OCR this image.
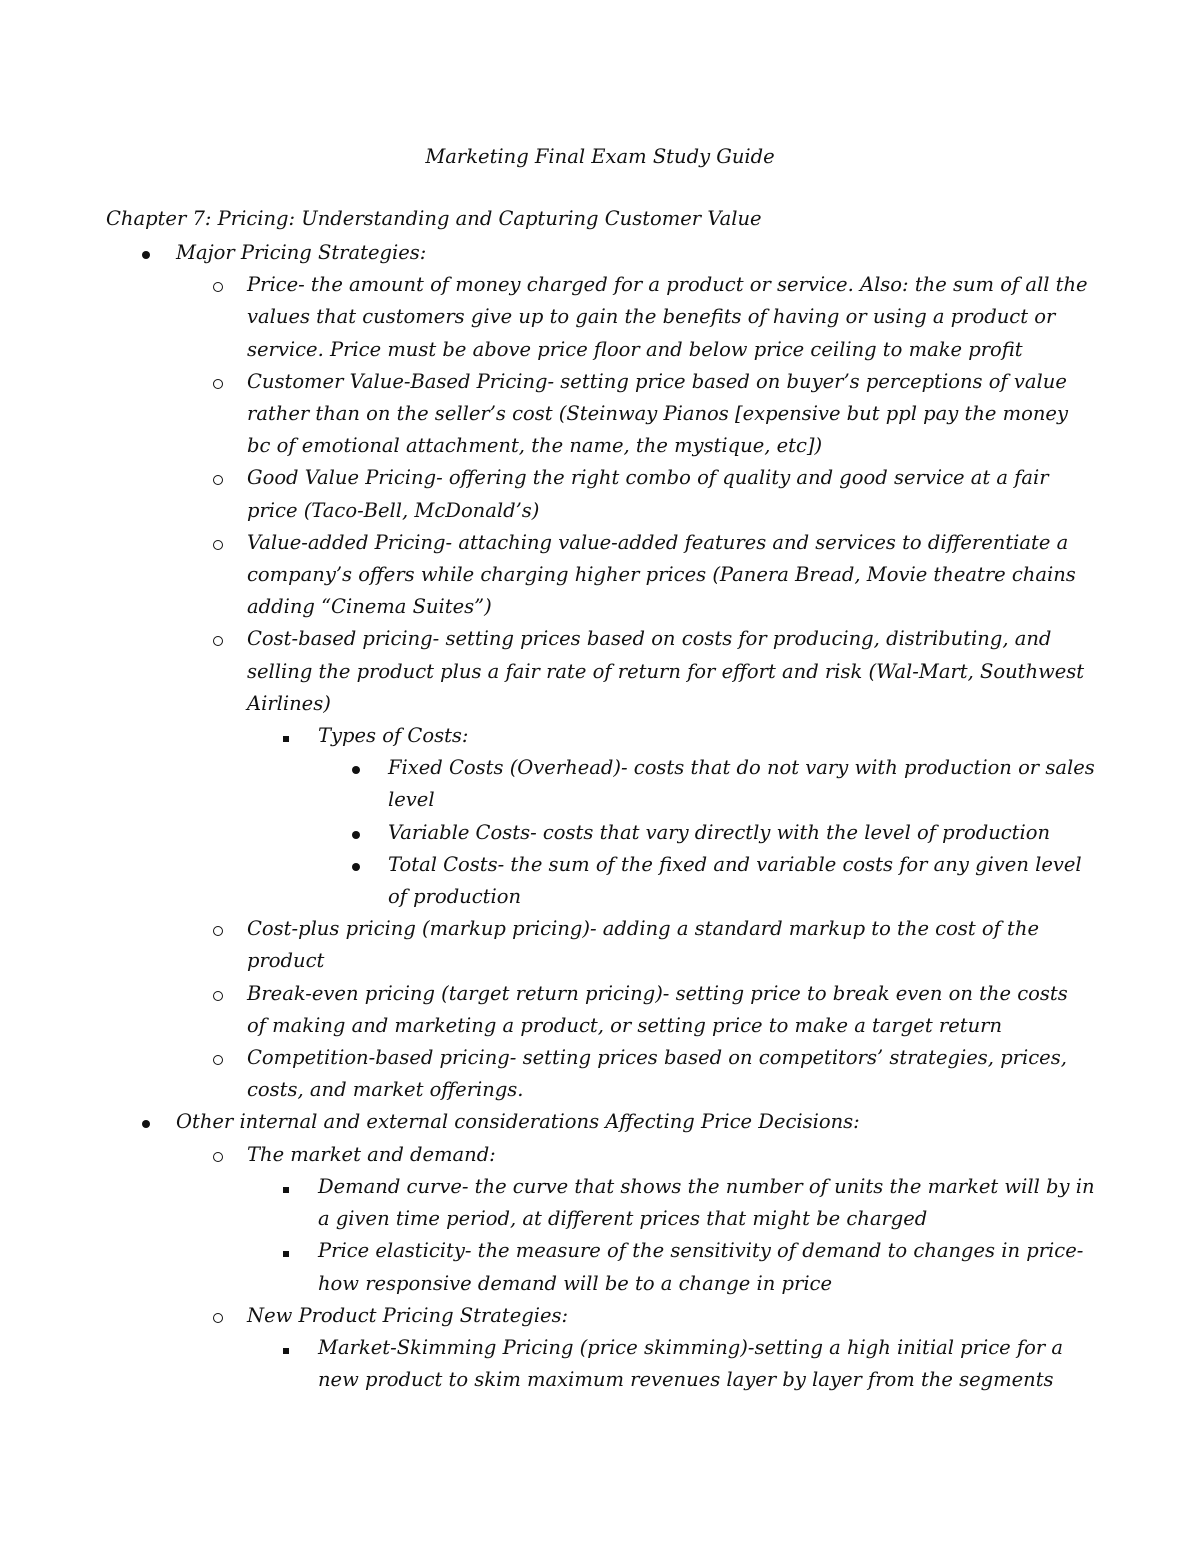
Marketing Final Exam Study Guide
Chapter 7: Pricing: Understanding and Capturing Customer Value
Major Pricing Strategies:
Price- the amount of money charged for a product or service. Also: the sum of all the values that customers give up to gain the benefits of having or using a product or service. Price must be above price floor and below price ceiling to make profit
Customer Value-Based Pricing- setting price based on buyer’s perceptions of value rather than on the seller’s cost (Steinway Pianos [expensive but ppl pay the money bc of emotional attachment, the name, the mystique, etc])
Good Value Pricing- offering the right combo of quality and good service at a fair price (Taco-Bell, McDonald’s)
Value-added Pricing- attaching value-added features and services to differentiate a company’s offers while charging higher prices (Panera Bread, Movie theatre chains adding “Cinema Suites”)
Cost-based pricing- setting prices based on costs for producing, distributing, and selling the product plus a fair rate of return for effort and risk (Wal-Mart, Southwest Airlines)
Types of Costs:
Fixed Costs (Overhead)- costs that do not vary with production or sales level
Variable Costs- costs that vary directly with the level of production
Total Costs- the sum of the fixed and variable costs for any given level of production
Cost-plus pricing (markup pricing)- adding a standard markup to the cost of the product
Break-even pricing (target return pricing)- setting price to break even on the costs of making and marketing a product, or setting price to make a target return
Competition-based pricing- setting prices based on competitors’ strategies, prices, costs, and market offerings.
Other internal and external considerations Affecting Price Decisions:
The market and demand:
Demand curve- the curve that shows the number of units the market will by in a given time period, at different prices that might be charged
Price elasticity- the measure of the sensitivity of demand to changes in price- how responsive demand will be to a change in price
New Product Pricing Strategies:
Market-Skimming Pricing (price skimming)-setting a high initial price for a new product to skim maximum revenues layer by layer from the segments
